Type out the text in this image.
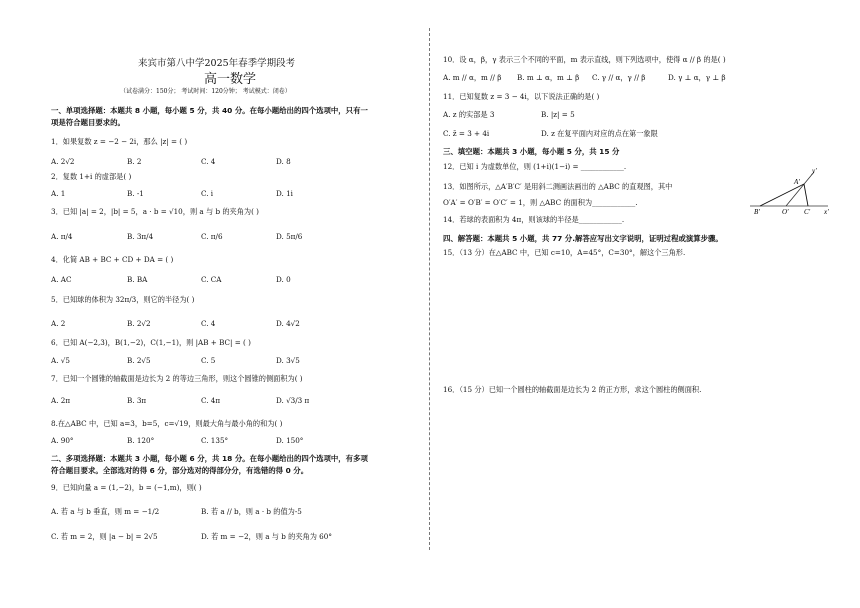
来宾市第八中学2025年春季学期段考
高一数学
（试卷满分：150分； 考试时间：120分钟； 考试模式：闭卷）
一、单项选择题：本题共 8 小题，每小题 5 分，共 40 分。在每小题给出的四个选项中，只有一
项是符合题目要求的。
1．如果复数 z = −2 − 2i，那么 |z| = ( )
A. 2√2	B. 2	C. 4	D. 8
2．复数 1+i 的虚部是( )
A. 1	B. -1	C. i	D. 1i
3．已知 |a| = 2，|b| = 5，a · b = √10，则 a 与 b 的夹角为( )
A. π/4	B. 3π/4	C. π/6	D. 5π/6
4．化简 AB + BC + CD + DA = ( )
A. AC	B. BA	C. CA	D. 0
5．已知球的体积为 32π/3，则它的半径为( )
A. 2	B. 2√2	C. 4	D. 4√2
6．已知 A(−2,3)，B(1,−2)，C(1,−1)，则 |AB + BC| = ( )
A. √5	B. 2√5	C. 5	D. 3√5
7．已知一个圆锥的轴截面是边长为 2 的等边三角形，则这个圆锥的侧面积为( )
A. 2π	B. 3π	C. 4π	D. √3/3 π
8.在△ABC 中，已知 a=3，b=5，c=√19，则最大角与最小角的和为( )
A. 90°	B. 120°	C. 135°	D. 150°
二、多项选择题：本题共 3 小题，每小题 6 分，共 18 分。在每小题给出的四个选项中，有多项
符合题目要求。全部选对的得 6 分，部分选对的得部分分，有选错的得 0 分。
9．已知向量 a = (1,−2)，b = (−1,m)，则( )
A. 若 a 与 b 垂直，则 m = −1/2	B. 若 a // b，则 a · b 的值为-5
C. 若 m = 2，则 |a − b| = 2√5	D. 若 m = −2，则 a 与 b 的夹角为 60°
10．设 α，β，γ 表示三个不同的平面，m 表示直线，则下列选项中，使得 α // β 的是( )
A. m // α，m // β B. m ⊥ α，m ⊥ β C. γ // α，γ // β	D. γ ⊥ α，γ ⊥ β
11．已知复数 z = 3 − 4i，以下说法正确的是( )
A. z 的实部是 3	B. |z| = 5
C. z̄ = 3 + 4i	D. z 在复平面内对应的点在第一象限
三、填空题：本题共 3 小题，每小题 5 分，共 15 分
12．已知 i 为虚数单位，则 (1+i)(1−i) = ____________.
13．如图所示，△A′B′C′ 是用斜二测画法画出的 △ABC 的直观图，其中
O′A′ = O′B′ = O′C′ = 1，则 △ABC 的面积为____________.
14．若球的表面积为 4π，则该球的半径是____________.
A′
y′
B′	O′ C′ x′
四、解答题：本题共 5 小题，共 77 分.解答应写出文字说明，证明过程或演算步骤。
15．（13 分）在△ABC 中，已知 c=10，A=45°，C=30°，解这个三角形.
16．（15 分）已知一个圆柱的轴截面是边长为 2 的正方形，求这个圆柱的侧面积.
